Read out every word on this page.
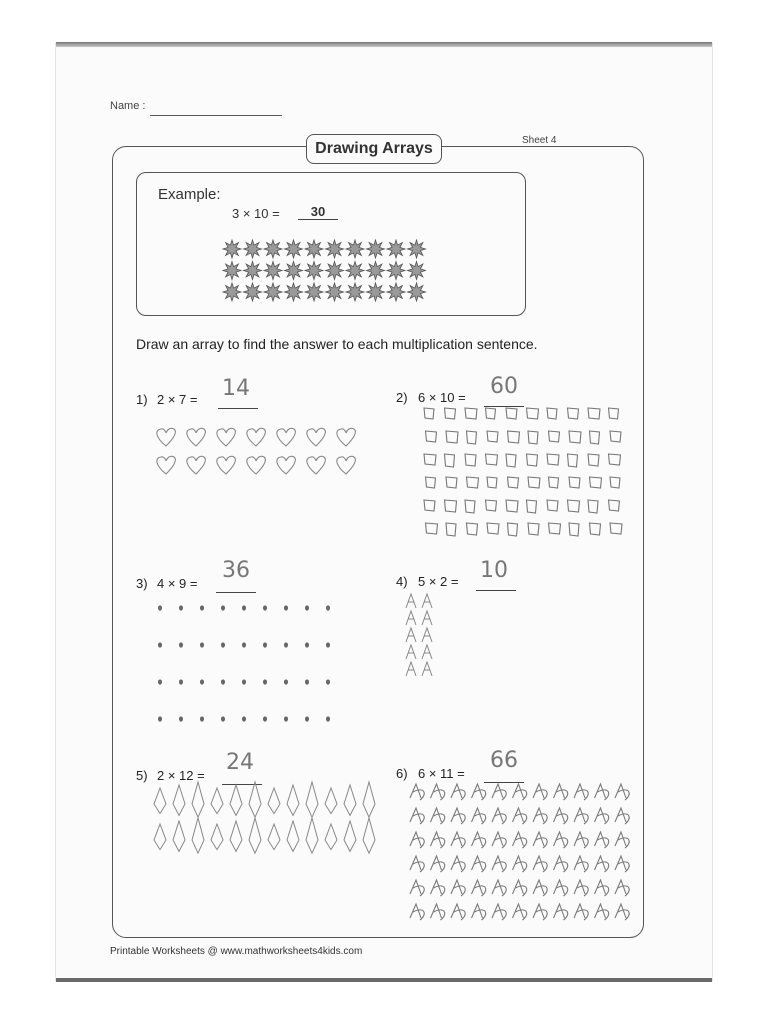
Name :
Drawing Arrays	Sheet 4
Example:
3 × 10 =	30
Draw an array to find the answer to each multiplication sentence.
1) 2 × 7 = 14	2) 6 × 10 = 60
3) 4 × 9 =
36	4) 5 × 2 = 10
5) 2 × 12 =
24	6) 6 × 11 =
66
Printable Worksheets @ www.mathworksheets4kids.com
